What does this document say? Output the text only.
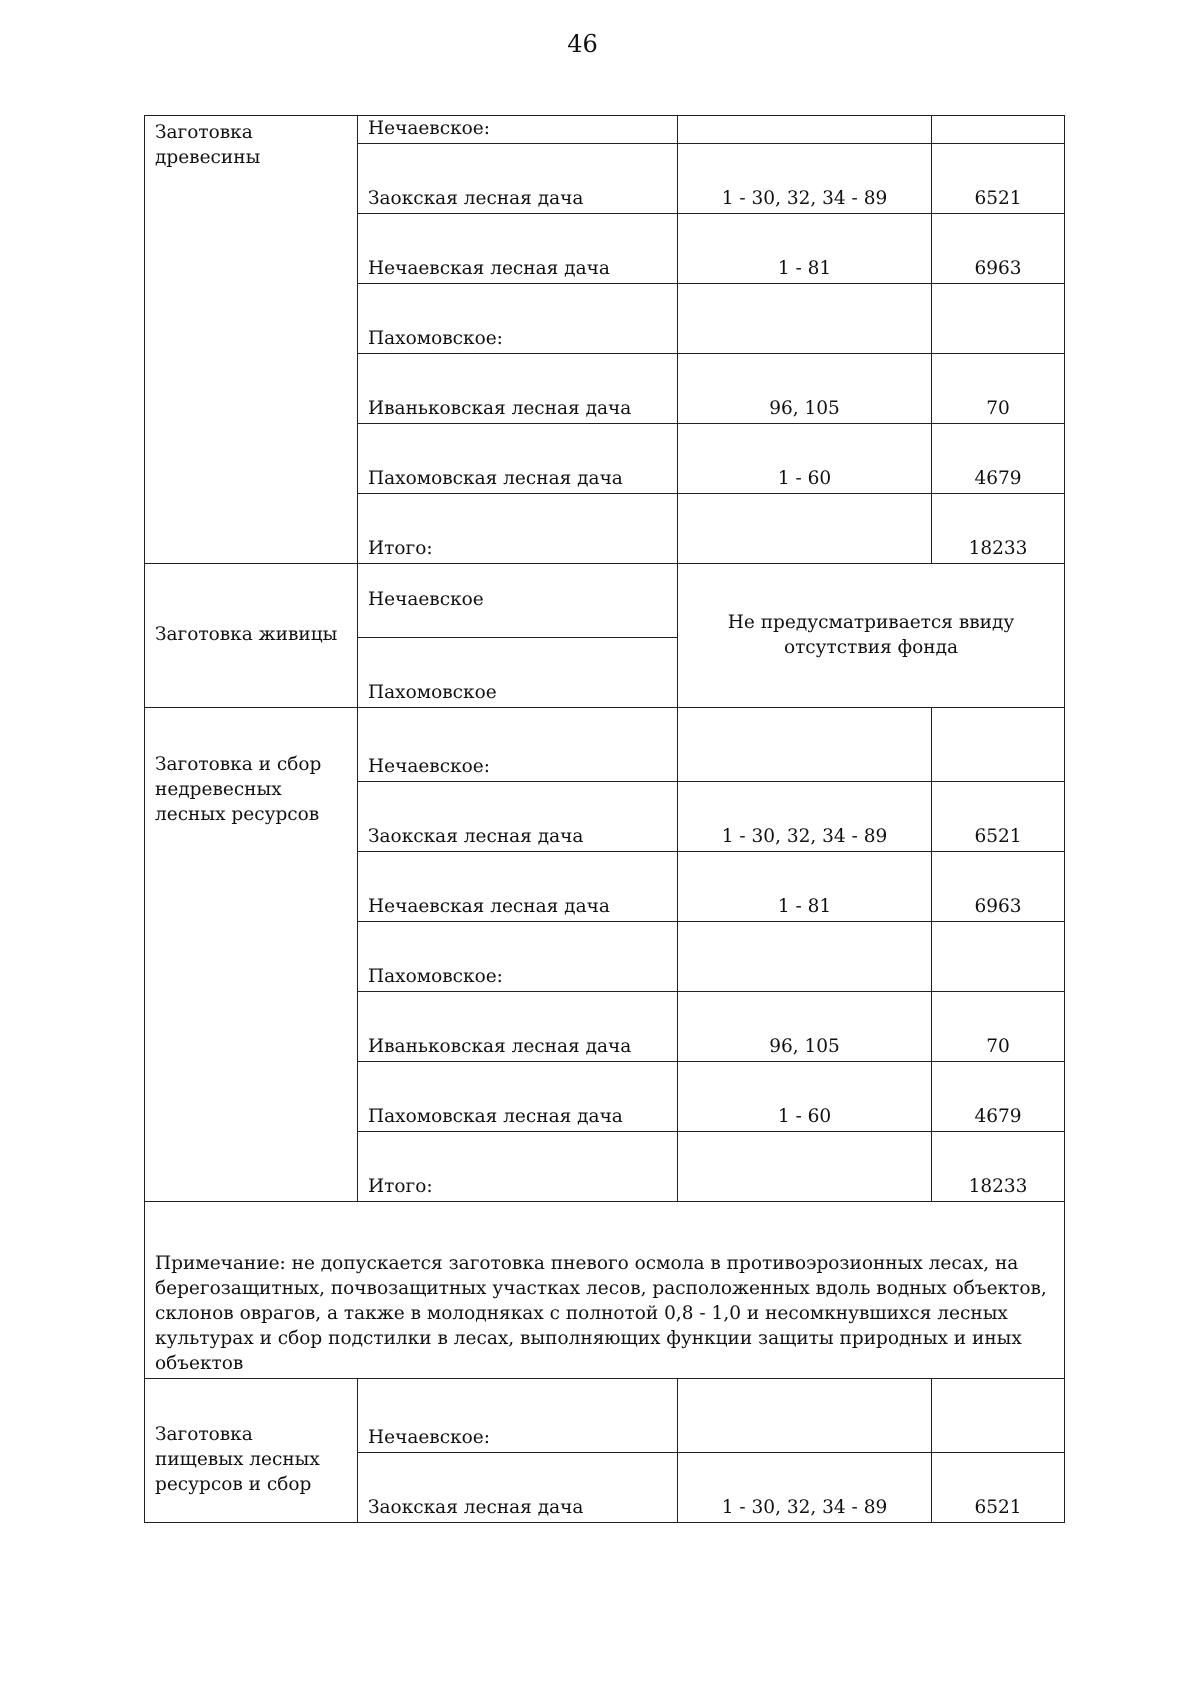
46
Заготовка древесины	Нечаевское:		
	Заокская лесная дача	1 - 30, 32, 34 - 89	6521
	Нечаевская лесная дача	1 - 81	6963
	Пахомовское:		
	Иваньковская лесная дача	96, 105	70
	Пахомовская лесная дача	1 - 60	4679
	Итого:		18233
Заготовка живицы	Нечаевское	Не предусматривается ввиду отсутствия фонда	
	Пахомовское		
Заготовка и сбор недревесных лесных ресурсов	Нечаевское:		
	Заокская лесная дача	1 - 30, 32, 34 - 89	6521
	Нечаевская лесная дача	1 - 81	6963
	Пахомовское:		
	Иваньковская лесная дача	96, 105	70
	Пахомовская лесная дача	1 - 60	4679
	Итого:		18233
Примечание: не допускается заготовка пневого осмола в противоэрозионных лесах, на берегозащитных, почвозащитных участках лесов, расположенных вдоль водных объектов, склонов оврагов, а также в молодняках с полнотой 0,8 - 1,0 и несомкнувшихся лесных культурах и сбор подстилки в лесах, выполняющих функции защиты природных и иных объектов			
Заготовка пищевых лесных ресурсов и сбор	Нечаевское:		
	Заокская лесная дача	1 - 30, 32, 34 - 89	6521
